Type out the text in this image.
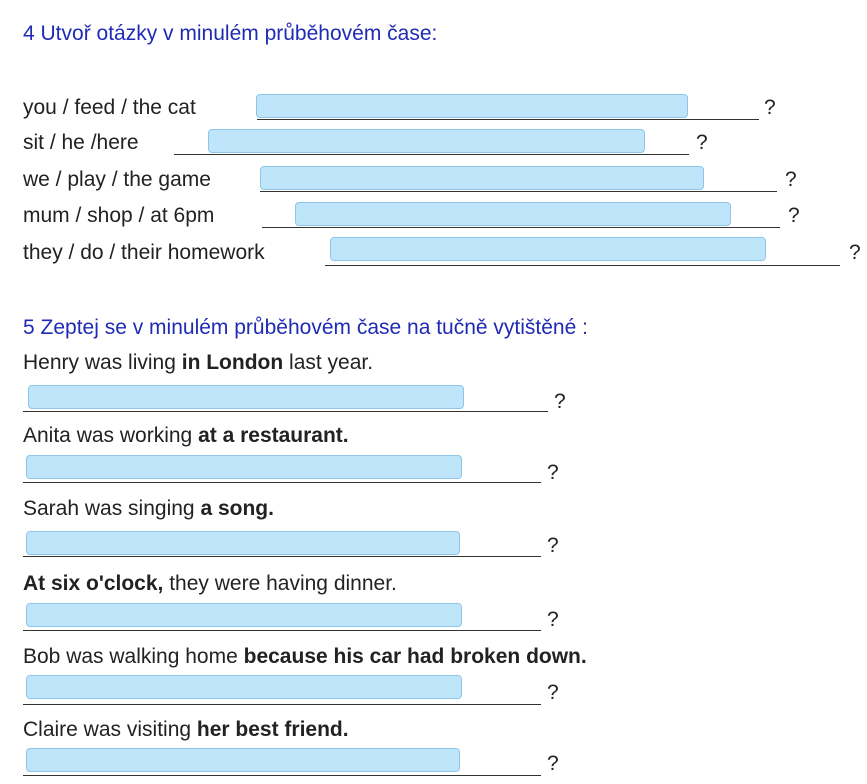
4 Utvoř otázky v minulém průběhovém čase:
you / feed / the cat	?
sit / he /here	?
we / play / the game	?
mum / shop / at 6pm	?
they / do / their homework	?
5 Zeptej se v minulém průběhovém čase na tučně vytištěné :
Henry was living in London last year.
?
Anita was working at a restaurant.
?
Sarah was singing a song.
?
At six o'clock, they were having dinner.
?
Bob was walking home because his car had broken down.
?
Claire was visiting her best friend.
?
